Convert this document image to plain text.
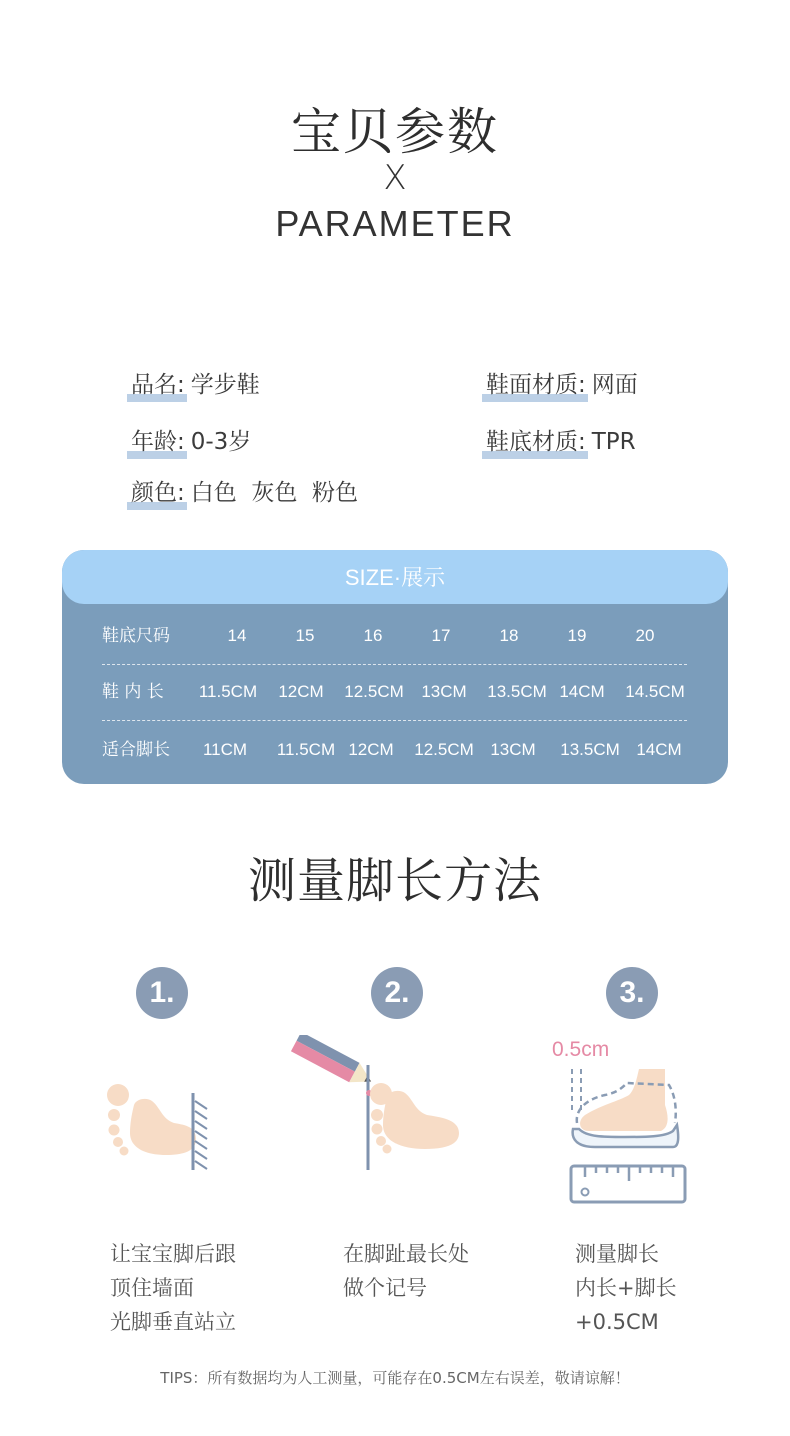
宝贝参数
X
PARAMETER
品名: 学步鞋
年龄: 0-3岁
颜色: 白色  灰色  粉色
鞋面材质: 网面
鞋底材质: TPR
SIZE·展示
鞋底尺码	14	15	16	17	18	19	20
鞋 内 长	11.5CM	12CM	12.5CM	13CM	13.5CM 14CM	14.5CM
适合脚长	11CM	11.5CM 12CM	12.5CM 13CM	13.5CM 14CM
测量脚长方法
1.	2.	3.
0.5cm
让宝宝脚后跟
顶住墙面
光脚垂直站立
在脚趾最长处
做个记号
测量脚长
内长+脚长
+0.5CM
TIPS：所有数据均为人工测量，可能存在0.5CM左右误差，敬请谅解！
